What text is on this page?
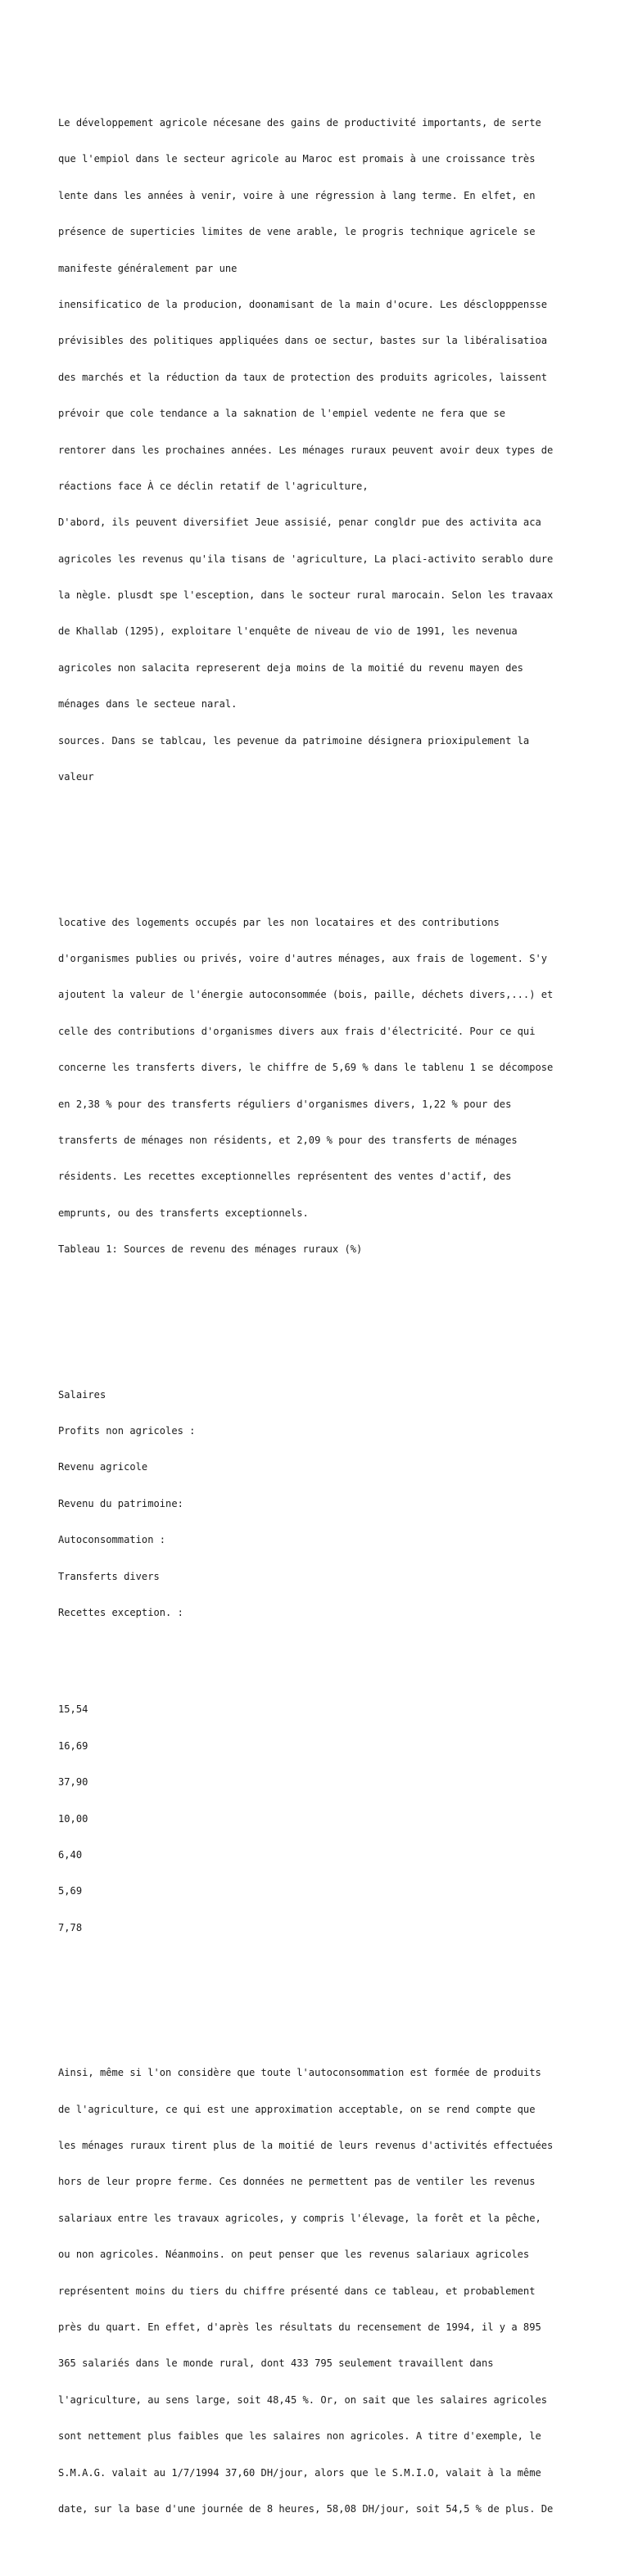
Le développement agricole nécesane des gains de productivité importants, de serte

que l'empiol dans le secteur agricole au Maroc est promais à une croissance très

lente dans les années à venir, voire à une régression à lang terme. En elfet, en

présence de superticies limites de vene arable, le progris technique agricele se

manifeste généralement par une

inensificatico de la producion, doonamisant de la main d'ocure. Les désclopppensse

prévisibles des politiques appliquées dans oe sectur, bastes sur la libéralisatioa

des marchés et la réduction da taux de protection des produits agricoles, laissent

prévoir que cole tendance a la saknation de l'empiel vedente ne fera que se

rentorer dans les prochaines années. Les ménages ruraux peuvent avoir deux types de

réactions face À ce déclin retatif de l'agriculture,

D'abord, ils peuvent diversifiet Jeue assisié, penar congldr pue des activita aca

agricoles les revenus qu'ila tisans de 'agriculture, La placi-activito serablo dure

la nègle. plusdt spe l'esception, dans le socteur rural marocain. Selon les travaax

de Khallab (1295), exploitare l'enquête de niveau de vio de 1991, les nevenua

agricoles non salacita represerent deja moins de la moitié du revenu mayen des

ménages dans le secteue naral.

sources. Dans se tablcau, les pevenue da patrimoine désignera prioxipulement la

valeur

locative des logements occupés par les non locataires et des contributions

d'organismes publies ou privés, voire d'autres ménages, aux frais de logement. S'y

ajoutent la valeur de l'énergie autoconsommée (bois, paille, déchets divers,...) et

celle des contributions d'organismes divers aux frais d'électricité. Pour ce qui

concerne les transferts divers, le chiffre de 5,69 % dans le tablenu 1 se décompose

en 2,38 % pour des transferts réguliers d'organismes divers, 1,22 % pour des

transferts de ménages non résidents, et 2,09 % pour des transferts de ménages

résidents. Les recettes exceptionnelles représentent des ventes d'actif, des

emprunts, ou des transferts exceptionnels.

Tableau 1: Sources de revenu des ménages ruraux (%)

Salaires

Profits non agricoles :

Revenu agricole

Revenu du patrimoine:

Autoconsommation :

Transferts divers

Recettes exception. :

15,54

16,69

37,90

10,00

6,40

5,69

7,78

Ainsi, même si l'on considère que toute l'autoconsommation est formée de produits

de l'agriculture, ce qui est une approximation acceptable, on se rend compte que

les ménages ruraux tirent plus de la moitié de leurs revenus d'activités effectuées

hors de leur propre ferme. Ces données ne permettent pas de ventiler les revenus

salariaux entre les travaux agricoles, y compris l'élevage, la forêt et la pêche,

ou non agricoles. Néanmoins. on peut penser que les revenus salariaux agricoles

représentent moins du tiers du chiffre présenté dans ce tableau, et probablement

près du quart. En effet, d'après les résultats du recensement de 1994, il y a 895

365 salariés dans le monde rural, dont 433 795 seulement travaillent dans

l'agriculture, au sens large, soit 48,45 %. Or, on sait que les salaires agricoles

sont nettement plus faibles que les salaires non agricoles. A titre d'exemple, le

S.M.A.G. valait au 1/7/1994 37,60 DH/jour, alors que le S.M.I.O, valait à la même

date, sur la base d'une journée de 8 heures, 58,08 DH/jour, soit 54,5 % de plus. De
